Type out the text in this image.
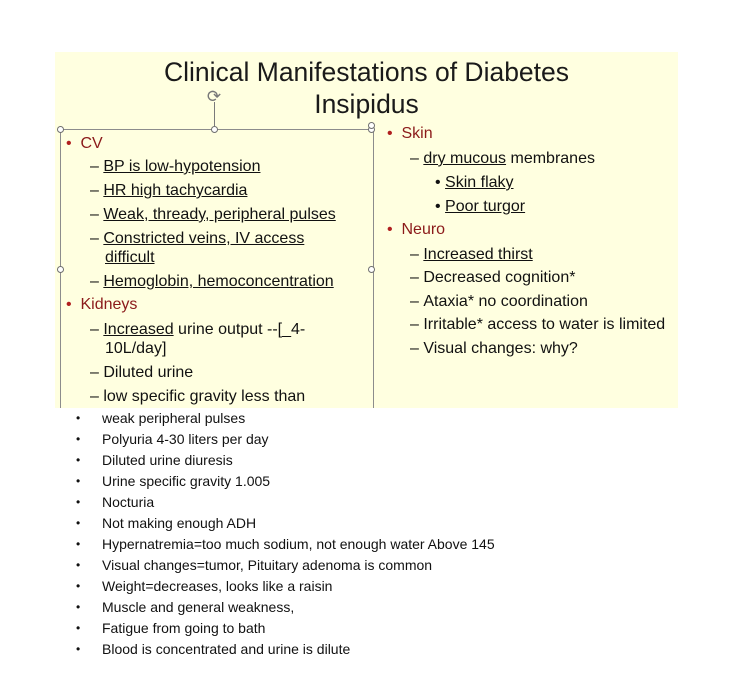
Clinical Manifestations of Diabetes
Insipidus
⟳
• CV
– BP is low-hypotension
– HR high tachycardia
– Weak, thready, peripheral pulses
– Constricted veins, IV access
difficult
– Hemoglobin, hemoconcentration
• Kidneys
– Increased urine output --[_4-
10L/day]
– Diluted urine
– low specific gravity less than
• Skin
– dry mucous membranes
• Skin flaky
• Poor turgor
• Neuro
– Increased thirst
– Decreased cognition*
– Ataxia* no coordination
– Irritable* access to water is limited
– Visual changes: why?
• weak peripheral pulses
• Polyuria 4-30 liters per day
• Diluted urine diuresis
• Urine specific gravity 1.005
• Nocturia
• Not making enough ADH
• Hypernatremia=too much sodium, not enough water Above 145
• Visual changes=tumor, Pituitary adenoma is common
• Weight=decreases, looks like a raisin
• Muscle and general weakness,
• Fatigue from going to bath
• Blood is concentrated and urine is dilute
